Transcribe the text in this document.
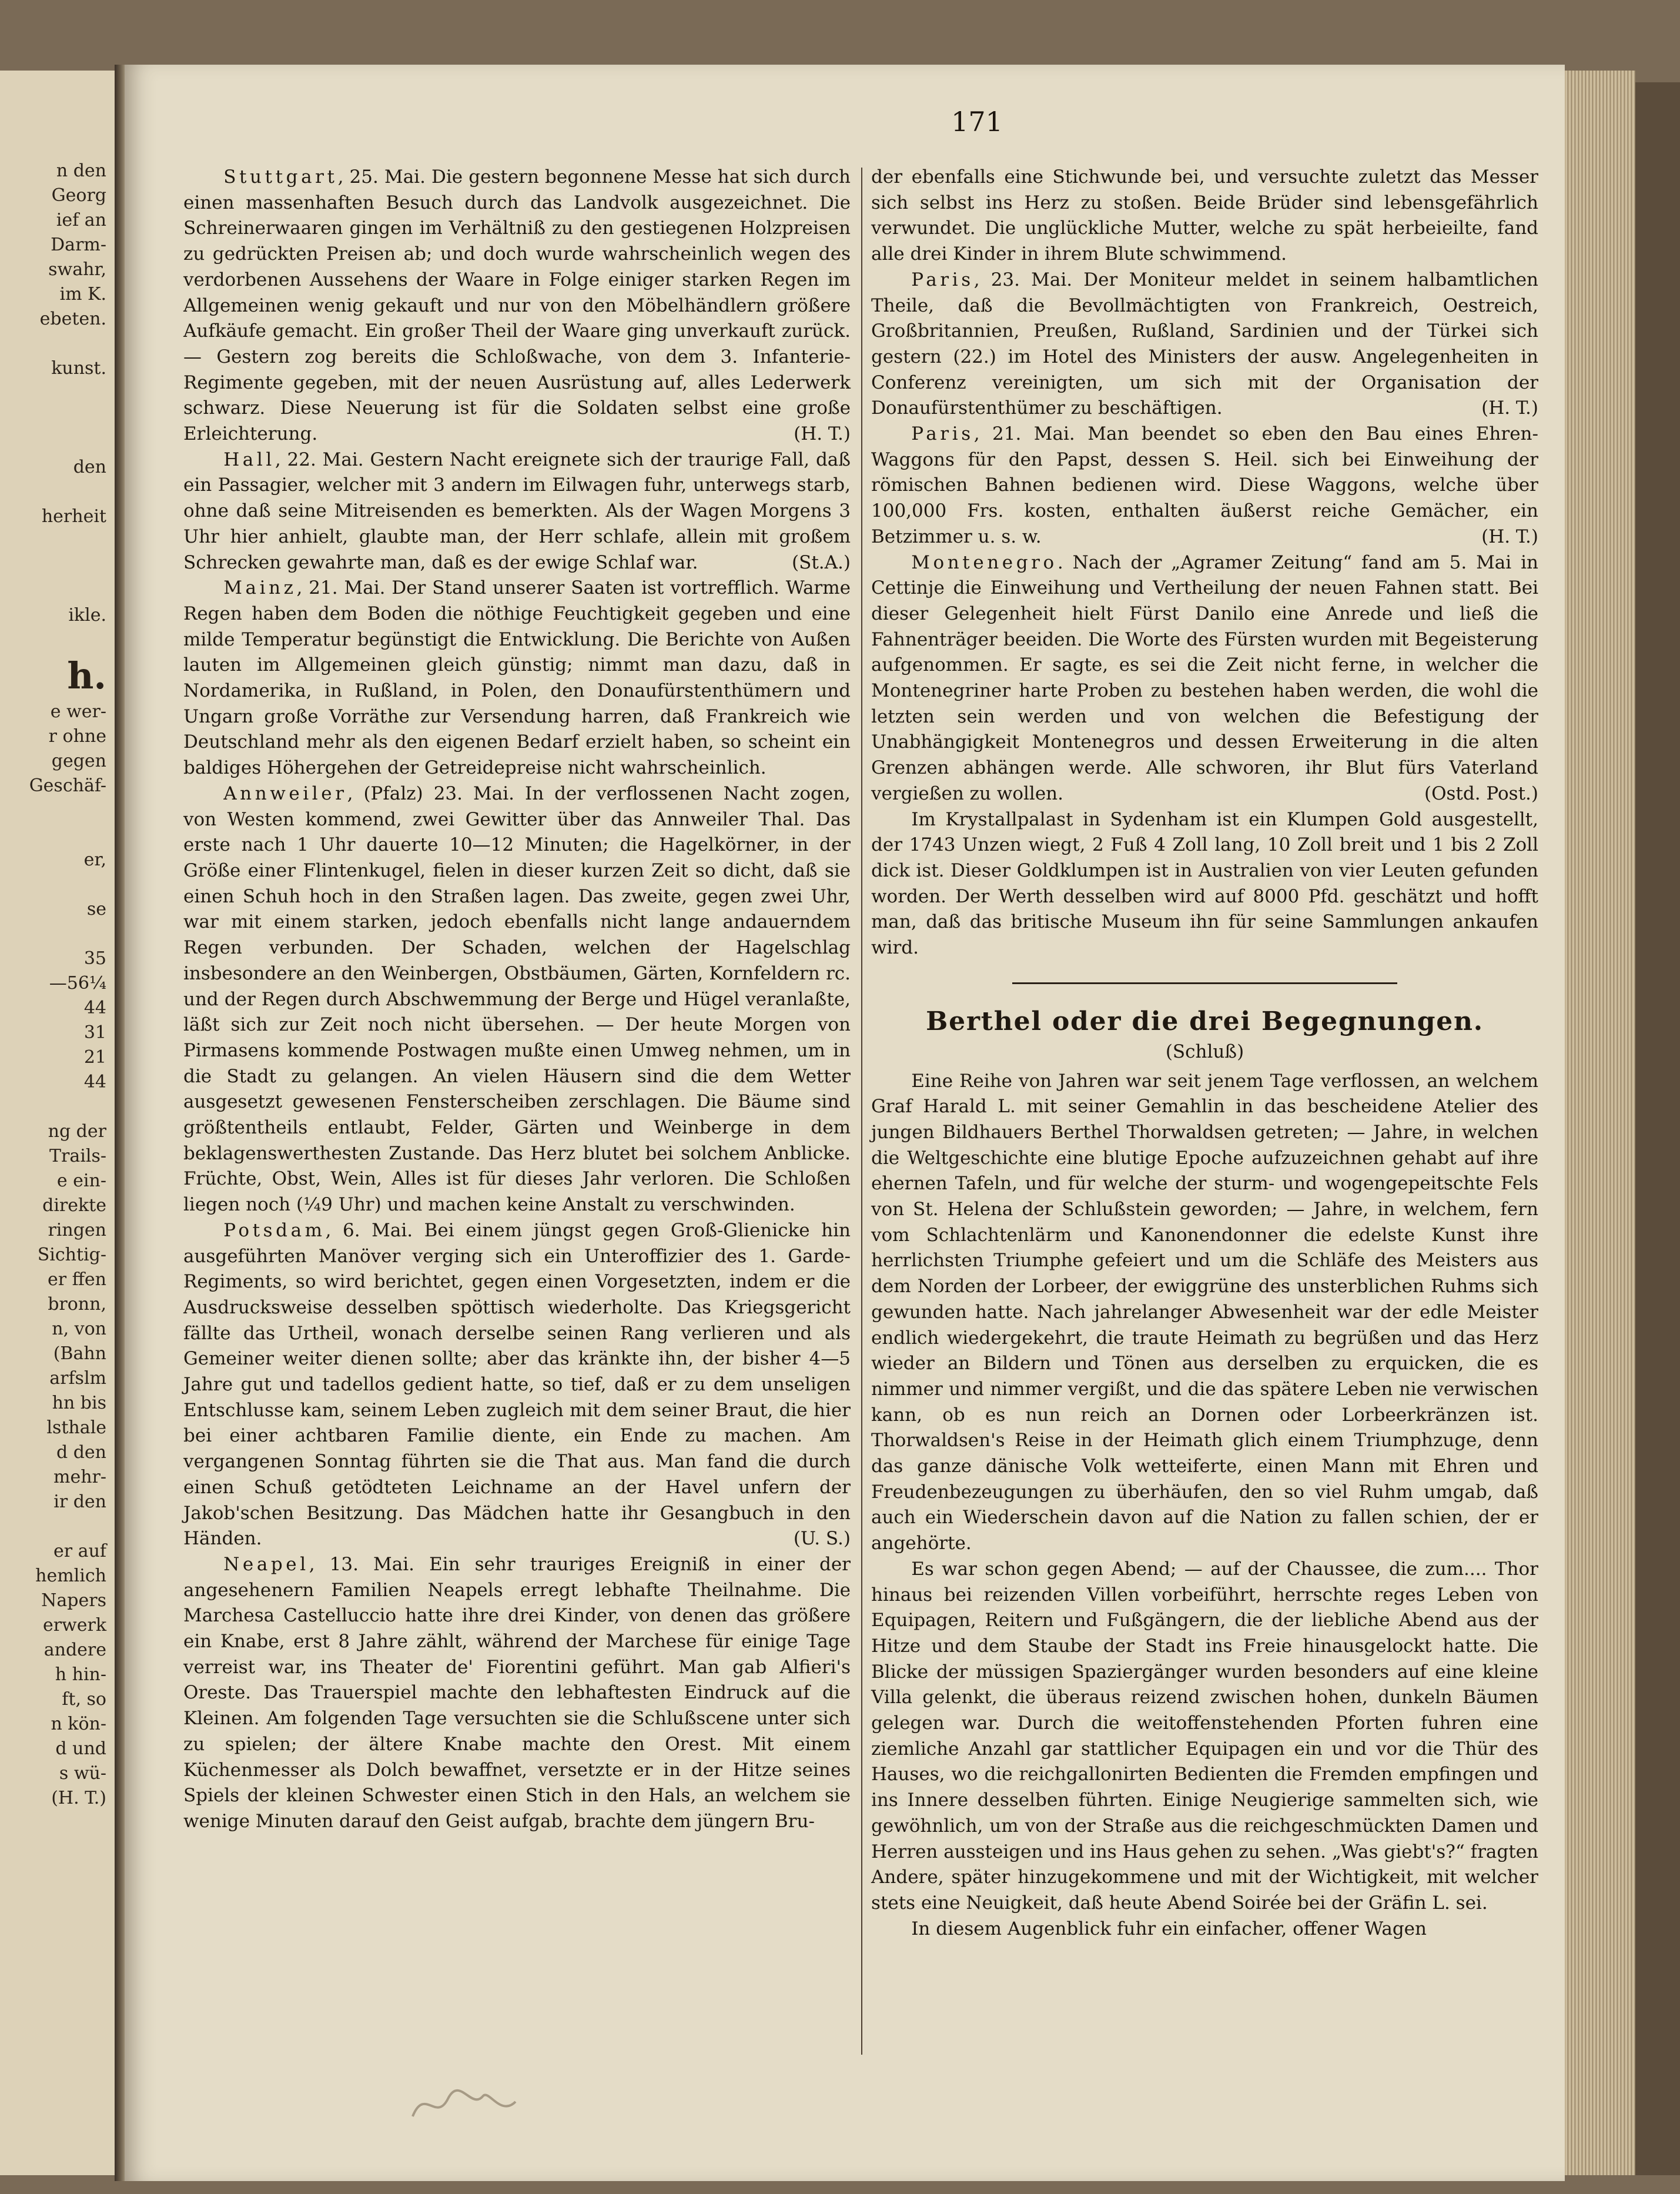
n den
Georg
ief an
Darm-
swahr,
im K.
ebeten.

kunst.

den

herheit

ikle.

h.
e wer-
r ohne
gegen
Geschäf-

er,

se

35
—56¼
44
31
21
44

ng der
Trails-
e ein-
direkte
ringen
Sichtig-
er ffen
bronn,
n, von
(Bahn
arfslm
hn bis
lsthale
d den
mehr-
ir den

er auf
hemlich
Napers
erwerk
andere
h hin-
ft, so
n kön-
d und
s wü-
(H. T.)
171

Stuttgart, 25. Mai. Die gestern begonnene Messe hat sich durch einen massenhaften Besuch durch das Landvolk ausgezeichnet. Die Schreinerwaaren gingen im Verhältniß zu den gestiegenen Holzpreisen zu gedrückten Preisen ab; und doch wurde wahrscheinlich wegen des verdorbenen Aussehens der Waare in Folge einiger starken Regen im Allgemeinen wenig gekauft und nur von den Möbelhändlern größere Aufkäufe gemacht. Ein großer Theil der Waare ging unverkauft zurück. — Gestern zog bereits die Schloßwache, von dem 3. Infanterie-Regimente gegeben, mit der neuen Ausrüstung auf, alles Lederwerk schwarz. Diese Neuerung ist für die Soldaten selbst eine große Erleichterung.	(H. T.)

Hall, 22. Mai. Gestern Nacht ereignete sich der traurige Fall, daß ein Passagier, welcher mit 3 andern im Eilwagen fuhr, unterwegs starb, ohne daß seine Mitreisenden es bemerkten. Als der Wagen Morgens 3 Uhr hier anhielt, glaubte man, der Herr schlafe, allein mit großem Schrecken gewahrte man, daß es der ewige Schlaf war.	(St.A.)

Mainz, 21. Mai. Der Stand unserer Saaten ist vortrefflich. Warme Regen haben dem Boden die nöthige Feuchtigkeit gegeben und eine milde Temperatur begünstigt die Entwicklung. Die Berichte von Außen lauten im Allgemeinen gleich günstig; nimmt man dazu, daß in Nordamerika, in Rußland, in Polen, den Donaufürstenthümern und Ungarn große Vorräthe zur Versendung harren, daß Frankreich wie Deutschland mehr als den eigenen Bedarf erzielt haben, so scheint ein baldiges Höhergehen der Getreidepreise nicht wahrscheinlich.

Annweiler, (Pfalz) 23. Mai. In der verflossenen Nacht zogen, von Westen kommend, zwei Gewitter über das Annweiler Thal. Das erste nach 1 Uhr dauerte 10—12 Minuten; die Hagelkörner, in der Größe einer Flintenkugel, fielen in dieser kurzen Zeit so dicht, daß sie einen Schuh hoch in den Straßen lagen. Das zweite, gegen zwei Uhr, war mit einem starken, jedoch ebenfalls nicht lange andauerndem Regen verbunden. Der Schaden, welchen der Hagelschlag insbesondere an den Weinbergen, Obstbäumen, Gärten, Kornfeldern rc. und der Regen durch Abschwemmung der Berge und Hügel veranlaßte, läßt sich zur Zeit noch nicht übersehen. — Der heute Morgen von Pirmasens kommende Postwagen mußte einen Umweg nehmen, um in die Stadt zu gelangen. An vielen Häusern sind die dem Wetter ausgesetzt gewesenen Fensterscheiben zerschlagen. Die Bäume sind größtentheils entlaubt, Felder, Gärten und Weinberge in dem beklagenswerthesten Zustande. Das Herz blutet bei solchem Anblicke. Früchte, Obst, Wein, Alles ist für dieses Jahr verloren. Die Schloßen liegen noch (¼9 Uhr) und machen keine Anstalt zu verschwinden.

Potsdam, 6. Mai. Bei einem jüngst gegen Groß-Glienicke hin ausgeführten Manöver verging sich ein Unteroffizier des 1. Garde-Regiments, so wird berichtet, gegen einen Vorgesetzten, indem er die Ausdrucksweise desselben spöttisch wiederholte. Das Kriegsgericht fällte das Urtheil, wonach derselbe seinen Rang verlieren und als Gemeiner weiter dienen sollte; aber das kränkte ihn, der bisher 4—5 Jahre gut und tadellos gedient hatte, so tief, daß er zu dem unseligen Entschlusse kam, seinem Leben zugleich mit dem seiner Braut, die hier bei einer achtbaren Familie diente, ein Ende zu machen. Am vergangenen Sonntag führten sie die That aus. Man fand die durch einen Schuß getödteten Leichname an der Havel unfern der Jakob'schen Besitzung. Das Mädchen hatte ihr Gesangbuch in den Händen.	(U. S.)

Neapel, 13. Mai. Ein sehr trauriges Ereigniß in einer der angesehenern Familien Neapels erregt lebhafte Theilnahme. Die Marchesa Castelluccio hatte ihre drei Kinder, von denen das größere ein Knabe, erst 8 Jahre zählt, während der Marchese für einige Tage verreist war, ins Theater de' Fiorentini geführt. Man gab Alfieri's Oreste. Das Trauerspiel machte den lebhaftesten Eindruck auf die Kleinen. Am folgenden Tage versuchten sie die Schlußscene unter sich zu spielen; der ältere Knabe machte den Orest. Mit einem Küchenmesser als Dolch bewaffnet, versetzte er in der Hitze seines Spiels der kleinen Schwester einen Stich in den Hals, an welchem sie wenige Minuten darauf den Geist aufgab, brachte dem jüngern Bru-

der ebenfalls eine Stichwunde bei, und versuchte zuletzt das Messer sich selbst ins Herz zu stoßen. Beide Brüder sind lebensgefährlich verwundet. Die unglückliche Mutter, welche zu spät herbeieilte, fand alle drei Kinder in ihrem Blute schwimmend.

Paris, 23. Mai. Der Moniteur meldet in seinem halbamtlichen Theile, daß die Bevollmächtigten von Frankreich, Oestreich, Großbritannien, Preußen, Rußland, Sardinien und der Türkei sich gestern (22.) im Hotel des Ministers der ausw. Angelegenheiten in Conferenz vereinigten, um sich mit der Organisation der Donaufürstenthümer zu beschäftigen.	(H. T.)

Paris, 21. Mai. Man beendet so eben den Bau eines Ehren-Waggons für den Papst, dessen S. Heil. sich bei Einweihung der römischen Bahnen bedienen wird. Diese Waggons, welche über 100,000 Frs. kosten, enthalten äußerst reiche Gemächer, ein Betzimmer u. s. w.	(H. T.)

Montenegro. Nach der „Agramer Zeitung“ fand am 5. Mai in Cettinje die Einweihung und Vertheilung der neuen Fahnen statt. Bei dieser Gelegenheit hielt Fürst Danilo eine Anrede und ließ die Fahnenträger beeiden. Die Worte des Fürsten wurden mit Begeisterung aufgenommen. Er sagte, es sei die Zeit nicht ferne, in welcher die Montenegriner harte Proben zu bestehen haben werden, die wohl die letzten sein werden und von welchen die Befestigung der Unabhängigkeit Montenegros und dessen Erweiterung in die alten Grenzen abhängen werde. Alle schworen, ihr Blut fürs Vaterland vergießen zu wollen.	(Ostd. Post.)

Im Krystallpalast in Sydenham ist ein Klumpen Gold ausgestellt, der 1743 Unzen wiegt, 2 Fuß 4 Zoll lang, 10 Zoll breit und 1 bis 2 Zoll dick ist. Dieser Goldklumpen ist in Australien von vier Leuten gefunden worden. Der Werth desselben wird auf 8000 Pfd. geschätzt und hofft man, daß das britische Museum ihn für seine Sammlungen ankaufen wird.

Berthel oder die drei Begegnungen.
(Schluß)

Eine Reihe von Jahren war seit jenem Tage verflossen, an welchem Graf Harald L. mit seiner Gemahlin in das bescheidene Atelier des jungen Bildhauers Berthel Thorwaldsen getreten; — Jahre, in welchen die Weltgeschichte eine blutige Epoche aufzuzeichnen gehabt auf ihre ehernen Tafeln, und für welche der sturm- und wogengepeitschte Fels von St. Helena der Schlußstein geworden; — Jahre, in welchem, fern vom Schlachtenlärm und Kanonendonner die edelste Kunst ihre herrlichsten Triumphe gefeiert und um die Schläfe des Meisters aus dem Norden der Lorbeer, der ewiggrüne des unsterblichen Ruhms sich gewunden hatte. Nach jahrelanger Abwesenheit war der edle Meister endlich wiedergekehrt, die traute Heimath zu begrüßen und das Herz wieder an Bildern und Tönen aus derselben zu erquicken, die es nimmer und nimmer vergißt, und die das spätere Leben nie verwischen kann, ob es nun reich an Dornen oder Lorbeerkränzen ist. Thorwaldsen's Reise in der Heimath glich einem Triumphzuge, denn das ganze dänische Volk wetteiferte, einen Mann mit Ehren und Freudenbezeugungen zu überhäufen, den so viel Ruhm umgab, daß auch ein Wiederschein davon auf die Nation zu fallen schien, der er angehörte.

Es war schon gegen Abend; — auf der Chaussee, die zum.... Thor hinaus bei reizenden Villen vorbeiführt, herrschte reges Leben von Equipagen, Reitern und Fußgängern, die der liebliche Abend aus der Hitze und dem Staube der Stadt ins Freie hinausgelockt hatte. Die Blicke der müssigen Spaziergänger wurden besonders auf eine kleine Villa gelenkt, die überaus reizend zwischen hohen, dunkeln Bäumen gelegen war. Durch die weitoffenstehenden Pforten fuhren eine ziemliche Anzahl gar stattlicher Equipagen ein und vor die Thür des Hauses, wo die reichgallonirten Bedienten die Fremden empfingen und ins Innere desselben führten. Einige Neugierige sammelten sich, wie gewöhnlich, um von der Straße aus die reichgeschmückten Damen und Herren aussteigen und ins Haus gehen zu sehen. „Was giebt's?“ fragten Andere, später hinzugekommene und mit der Wichtigkeit, mit welcher stets eine Neuigkeit, daß heute Abend Soirée bei der Gräfin L. sei.

In diesem Augenblick fuhr ein einfacher, offener Wagen
